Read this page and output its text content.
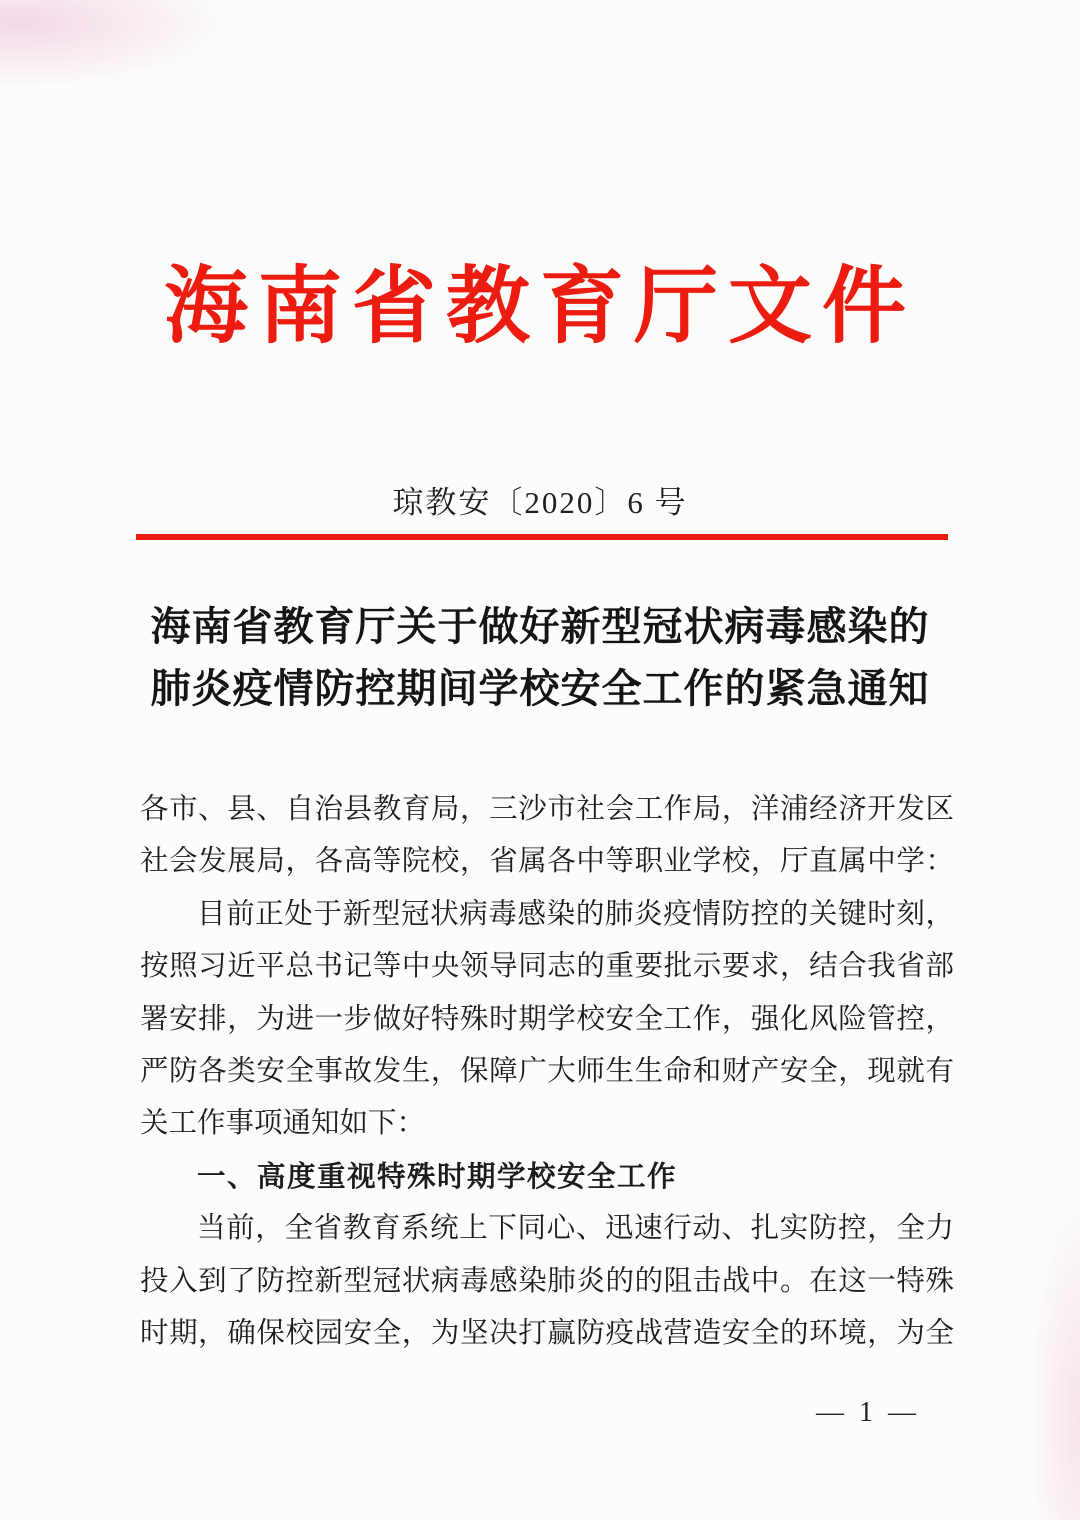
海南省教育厅文件
琼教安〔2020〕6 号
海南省教育厅关于做好新型冠状病毒感染的
肺炎疫情防控期间学校安全工作的紧急通知
各市、县、自治县教育局，三沙市社会工作局，洋浦经济开发区
社会发展局，各高等院校，省属各中等职业学校，厅直属中学：
目前正处于新型冠状病毒感染的肺炎疫情防控的关键时刻，
按照习近平总书记等中央领导同志的重要批示要求，结合我省部
署安排，为进一步做好特殊时期学校安全工作，强化风险管控，
严防各类安全事故发生，保障广大师生生命和财产安全，现就有
关工作事项通知如下：
一、高度重视特殊时期学校安全工作
当前，全省教育系统上下同心、迅速行动、扎实防控，全力
投入到了防控新型冠状病毒感染肺炎的的阻击战中。在这一特殊
时期，确保校园安全，为坚决打赢防疫战营造安全的环境，为全
— 1 —
